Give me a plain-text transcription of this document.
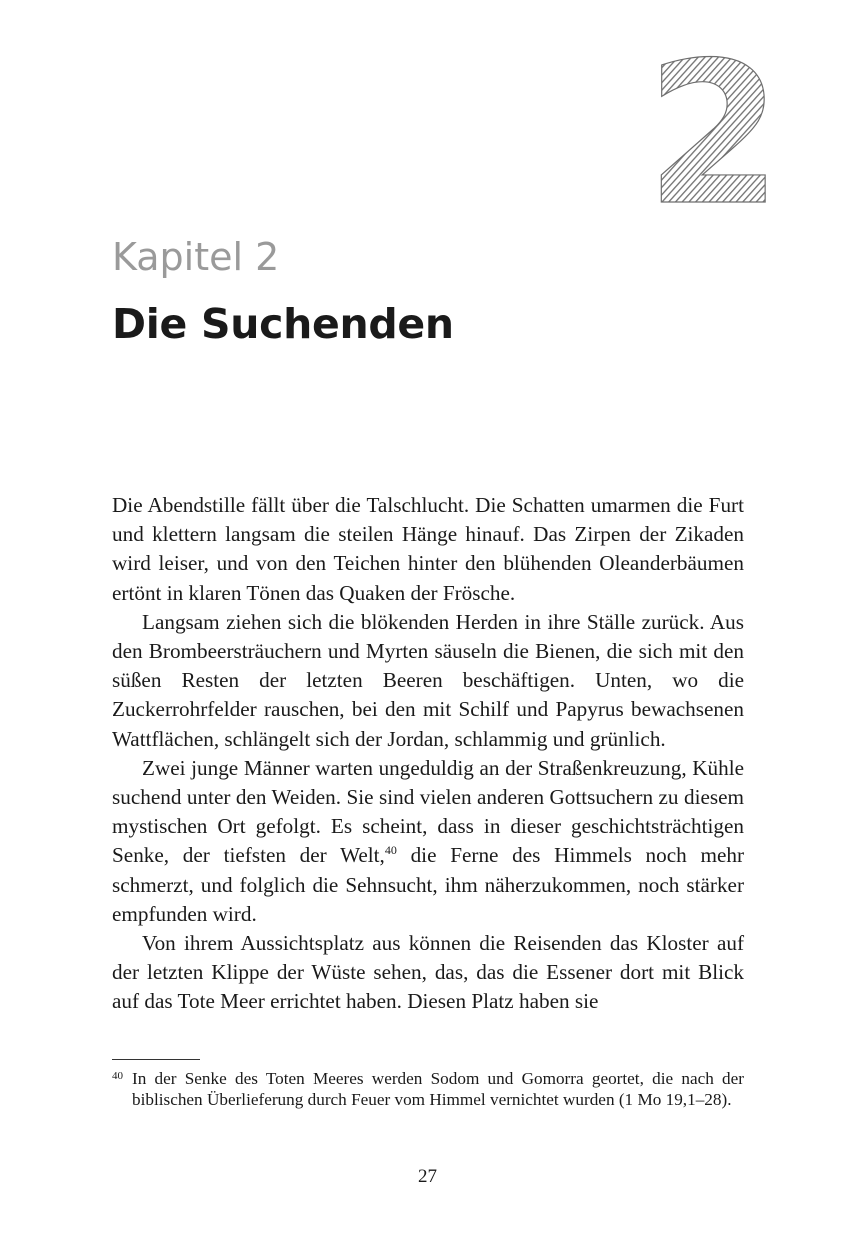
2
Kapitel 2
Die Suchenden

Die Abendstille fällt über die Talschlucht. Die Schatten umarmen die Furt und klettern langsam die steilen Hänge hinauf. Das Zirpen der Zikaden wird leiser, und von den Teichen hinter den blühenden Oleanderbäumen ertönt in klaren Tönen das Quaken der Frösche.

Langsam ziehen sich die blökenden Herden in ihre Ställe zurück. Aus den Brombeersträuchern und Myrten säuseln die Bienen, die sich mit den süßen Resten der letzten Beeren beschäftigen. Unten, wo die Zuckerrohrfelder rauschen, bei den mit Schilf und Papyrus bewachsenen Wattflächen, schlängelt sich der Jordan, schlammig und grünlich.

Zwei junge Männer warten ungeduldig an der Straßenkreuzung, Kühle suchend unter den Weiden. Sie sind vielen anderen Gottsuchern zu diesem mystischen Ort gefolgt. Es scheint, dass in dieser geschichtsträchtigen Senke, der tiefsten der Welt,$^{40}$ die Ferne des Himmels noch mehr schmerzt, und folglich die Sehnsucht, ihm näherzukommen, noch stärker empfunden wird.

Von ihrem Aussichtsplatz aus können die Reisenden das Kloster auf der letzten Klippe der Wüste sehen, das, das die Essener dort mit Blick auf das Tote Meer errichtet haben. Diesen Platz haben sie

40 In der Senke des Toten Meeres werden Sodom und Gomorra geortet, die nach der biblischen Überlieferung durch Feuer vom Himmel vernichtet wurden (1 Mo 19,1–28).
27
